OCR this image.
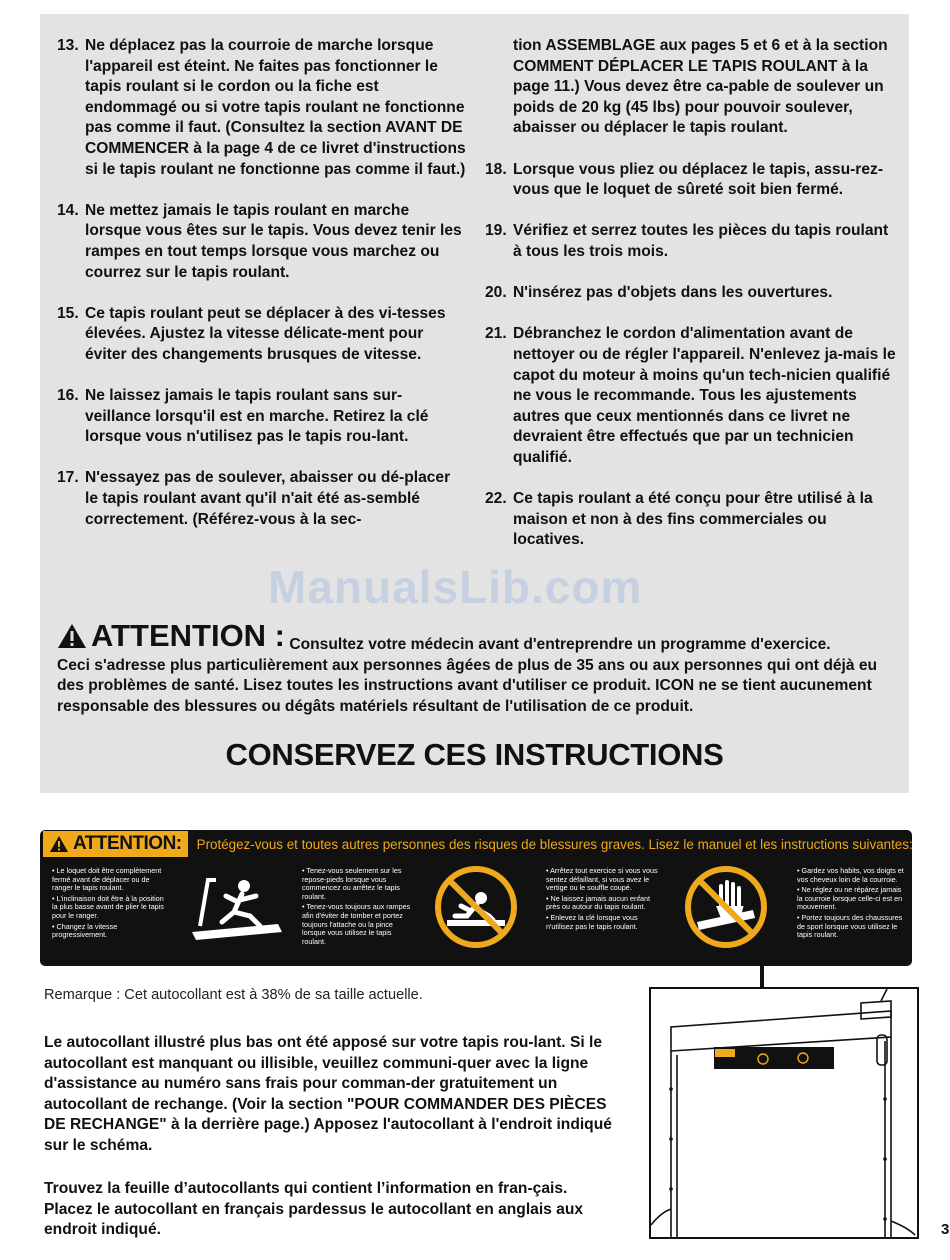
13. Ne déplacez pas la courroie de marche lorsque l'appareil est éteint. Ne faites pas fonctionner le tapis roulant si le cordon ou la fiche est endommagé ou si votre tapis roulant ne fonctionne pas comme il faut. (Consultez la section AVANT DE COMMENCER à la page 4 de ce livret d'instructions si le tapis roulant ne fonctionne pas comme il faut.)
14. Ne mettez jamais le tapis roulant en marche lorsque vous êtes sur le tapis. Vous devez tenir les rampes en tout temps lorsque vous marchez ou courrez sur le tapis roulant.
15. Ce tapis roulant peut se déplacer à des vi-tesses élevées. Ajustez la vitesse délicate-ment pour éviter des changements brusques de vitesse.
16. Ne laissez jamais le tapis roulant sans sur-veillance lorsqu'il est en marche. Retirez la clé lorsque vous n'utilisez pas le tapis rou-lant.
17. N'essayez pas de soulever, abaisser ou dé-placer le tapis roulant avant qu'il n'ait été as-semblé correctement. (Référez-vous à la sec-
tion ASSEMBLAGE aux pages 5 et 6 et à la section COMMENT DÉPLACER LE TAPIS ROULANT à la page 11.) Vous devez être ca-pable de soulever un poids de 20 kg (45 lbs) pour pouvoir soulever, abaisser ou déplacer le tapis roulant.
18. Lorsque vous pliez ou déplacez le tapis, assu-rez-vous que le loquet de sûreté soit bien fermé.
19. Vérifiez et serrez toutes les pièces du tapis roulant à tous les trois mois.
20. N'insérez pas d'objets dans les ouvertures.
21. Débranchez le cordon d'alimentation avant de nettoyer ou de régler l'appareil. N'enlevez ja-mais le capot du moteur à moins qu'un tech-nicien qualifié ne vous le recommande. Tous les ajustements autres que ceux mentionnés dans ce livret ne devraient être effectués que par un technicien qualifié.
22. Ce tapis roulant a été conçu pour être utilisé à la maison et non à des fins commerciales ou locatives.
ManualsLib.com
ATTENTION : Consultez votre médecin avant d'entreprendre un programme d'exercice.
Ceci s'adresse plus particulièrement aux personnes âgées de plus de 35 ans ou aux personnes qui ont déjà eu des problèmes de santé. Lisez toutes les instructions avant d'utiliser ce produit. ICON ne se tient aucunement responsable des blessures ou dégâts matériels résultant de l'utilisation de ce produit.
CONSERVEZ CES INSTRUCTIONS
ATTENTION: Protégez-vous et toutes autres personnes des risques de blessures graves. Lisez le manuel et les instructions suivantes:
• Le loquet doit être complètement fermé avant de déplacer ou de ranger le tapis roulant.
• L'inclinaison doit être à la position la plus basse avant de plier le tapis pour le ranger.
• Changez la vitesse progressivement.
• Tenez-vous seulement sur les repose-pieds lorsque vous commencez ou arrêtez le tapis roulant.
• Tenez-vous toujours aux rampes afin d'éviter de tomber et portez toujours l'attache ou la pince lorsque vous utilisez le tapis roulant.
• Arrêtez tout exercice si vous vous sentez défaillant, si vous avez le vertige ou le souffle coupé.
• Ne laissez jamais aucun enfant près ou autour du tapis roulant.
• Enlevez la clé lorsque vous n'utilisez pas le tapis roulant.
• Gardez vos habits, vos doigts et vos cheveux loin de la courroie.
• Ne réglez ou ne répárez jamais la courroie lorsque celle-ci est en mouvement.
• Portez toujours des chaussures de sport lorsque vous utilisez le tapis roulant.
Remarque : Cet autocollant est à 38% de sa taille actuelle.
Le autocollant illustré plus bas ont été apposé sur votre tapis rou-lant. Si le autocollant est manquant ou illisible, veuillez communi-quer avec la ligne d'assistance au numéro sans frais pour comman-der gratuitement un autocollant de rechange. (Voir la section "POUR COMMANDER DES PIÈCES DE RECHANGE" à la derrière page.) Apposez l'autocollant à l'endroit indiqué sur le schéma.
Trouvez la feuille d’autocollants qui contient l’information en fran-çais. Placez le autocollant en français pardessus le autocollant en anglais aux endroit indiqué.	3
